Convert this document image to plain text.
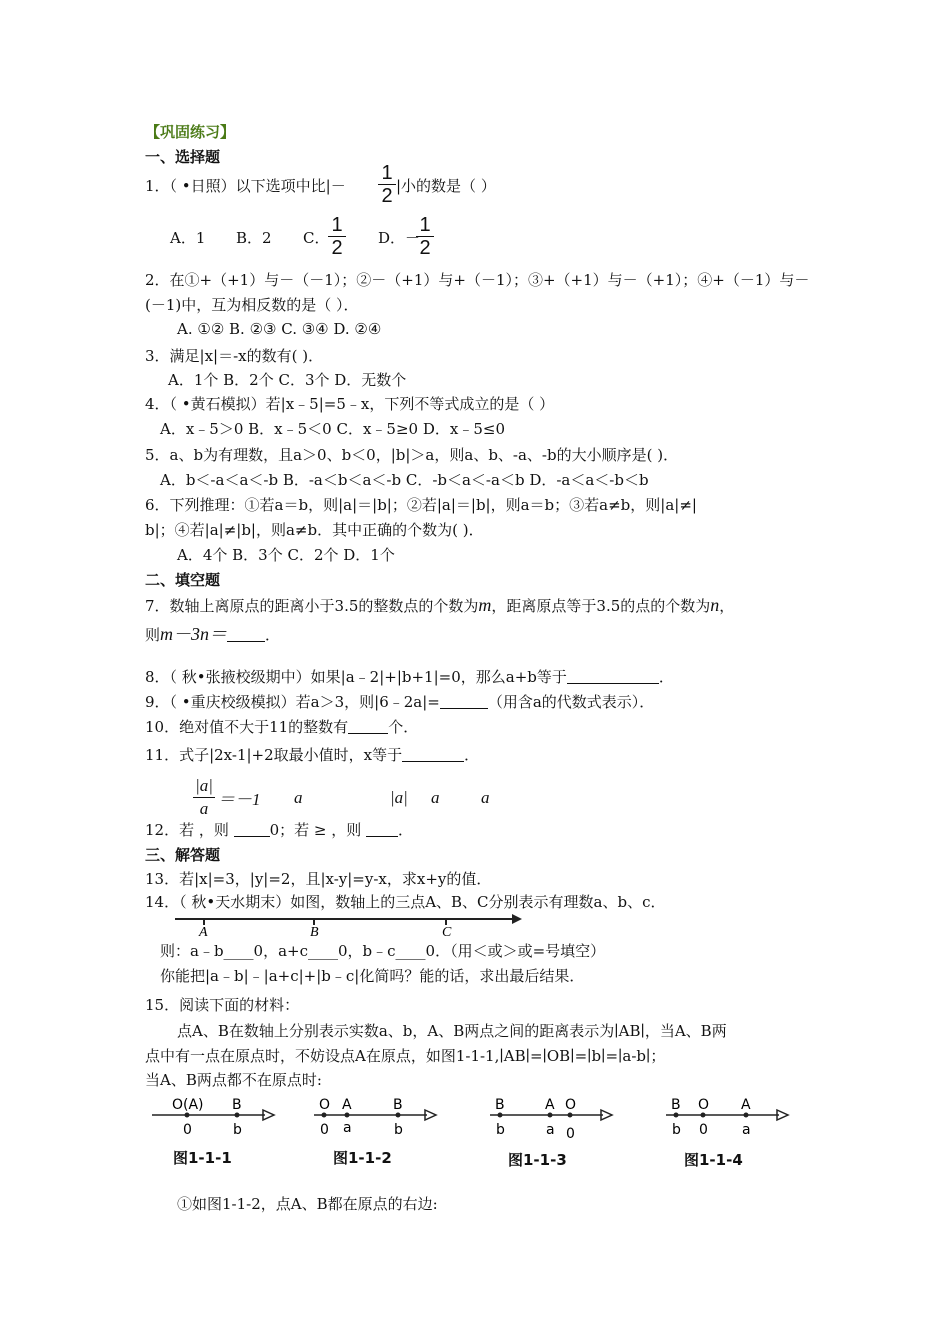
【巩固练习】
一、选择题
1．（ •日照）以下选项中比|－
1
2 |小的数是（ ）
A．1 B．2 C．
1
2 D．－
1
2
2．在①+（+1）与－（－1）；②－（+1）与+（－1）；③+（+1）与－（+1）；④+（－1）与－
(－1)中，互为相反数的是（ ）．
A. ①② B. ②③ C. ③④ D. ②④
3．满足|x|＝-x的数有( )．
A．1个 B．2个 C．3个 D．无数个
4．（ •黄石模拟）若|x﹣5|=5﹣x，下列不等式成立的是（ ）
A．x﹣5＞0 B．x﹣5＜0 C．x﹣5≥0 D．x﹣5≤0
5．a、b为有理数，且a＞0、b＜0，|b|＞a，则a、b、-a、-b的大小顺序是( )．
A．b＜-a＜a＜-b B．-a＜b＜a＜-b C．-b＜a＜-a＜b D．-a＜a＜-b＜b
6．下列推理：①若a＝b，则|a|＝|b|；②若|a|＝|b|，则a＝b；③若a≠b，则|a|≠|
b|；④若|a|≠|b|，则a≠b．其中正确的个数为( )．
A．4个 B．3个 C．2个 D．1个
二、填空题
7．数轴上离原点的距离小于3.5的整数点的个数为m，距离原点等于3.5的点的个数为n，
则m－3n＝	．
8．（ 秋•张掖校级期中）如果|a﹣2|+|b+1|=0，那么a+b等于	．
9．（ •重庆校级模拟）若a＞3，则|6﹣2a|=	（用含a的代数式表示）．
10．绝对值不大于11的整数有	个．
11．式子|2x-1|+2取最小值时，x等于	．
|a|
a ＝－1 a	|a| a a
12．若 ，则 0；若 ≥ ，则 ．
三、解答题
13．若|x|=3，|y|=2，且|x-y|=y-x，求x+y的值．
14．（ 秋•天水期末）如图，数轴上的三点A、B、C分别表示有理数a、b、c．
A	B	C
则：a﹣b____0，a+c____0，b﹣c____0．（用＜或＞或=号填空）
你能把|a﹣b|﹣|a+c|+|b﹣c|化简吗？能的话，求出最后结果．
15．阅读下面的材料：
点A、B在数轴上分别表示实数a、b，A、B两点之间的距离表示为∣AB∣，当A、B两
点中有一点在原点时，不妨设点A在原点，如图1-1-1,∣AB∣=∣OB∣=∣b∣=∣a-b∣；
当A、B两点都不在原点时:
O(A) B
0	b
图1-1-1
O A	B
0 a	b
图1-1-2
B	A O
b	a 0
图1-1-3
B O A
b 0 a
图1-1-4
①如图1-1-2，点A、B都在原点的右边:
